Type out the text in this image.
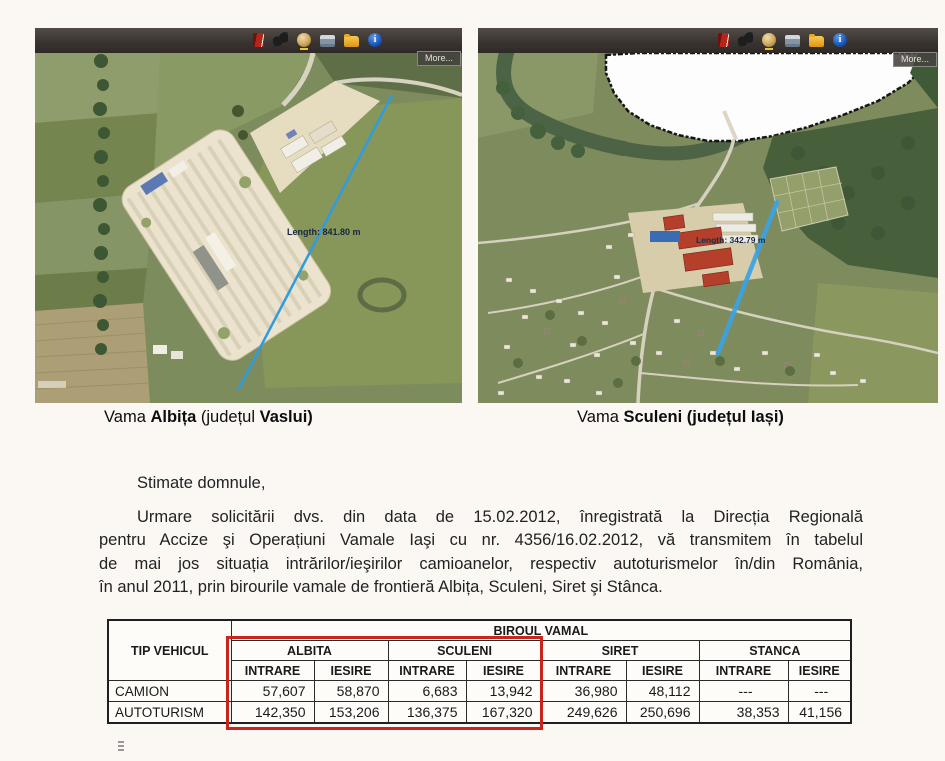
i
More...
Length: 841.80 m
i
More...
Length: 342.79 m
Vama Albița (județul Vaslui)	Vama Sculeni (județul Iași)
Stimate domnule,
Urmare solicitării dvs. din data de 15.02.2012, înregistrată la Direcția Regională
pentru Accize şi Operațiuni Vamale Iaşi cu nr. 4356/16.02.2012, vă transmitem în tabelul
de mai jos situația intrărilor/ieşirilor camioanelor, respectiv autoturismelor în/din România,
în anul 2011, prin birourile vamale de frontieră Albița, Sculeni, Siret şi Stânca.
TIP VEHICUL	BIROUL VAMAL							
	ALBITA		SCULENI		SIRET		STANCA	
	INTRARE	IESIRE	INTRARE	IESIRE	INTRARE	IESIRE	INTRARE	IESIRE
CAMION	57,607	58,870	6,683	13,942	36,980	48,112	---	---
AUTOTURISM	142,350	153,206	136,375	167,320	249,626	250,696	38,353	41,156
